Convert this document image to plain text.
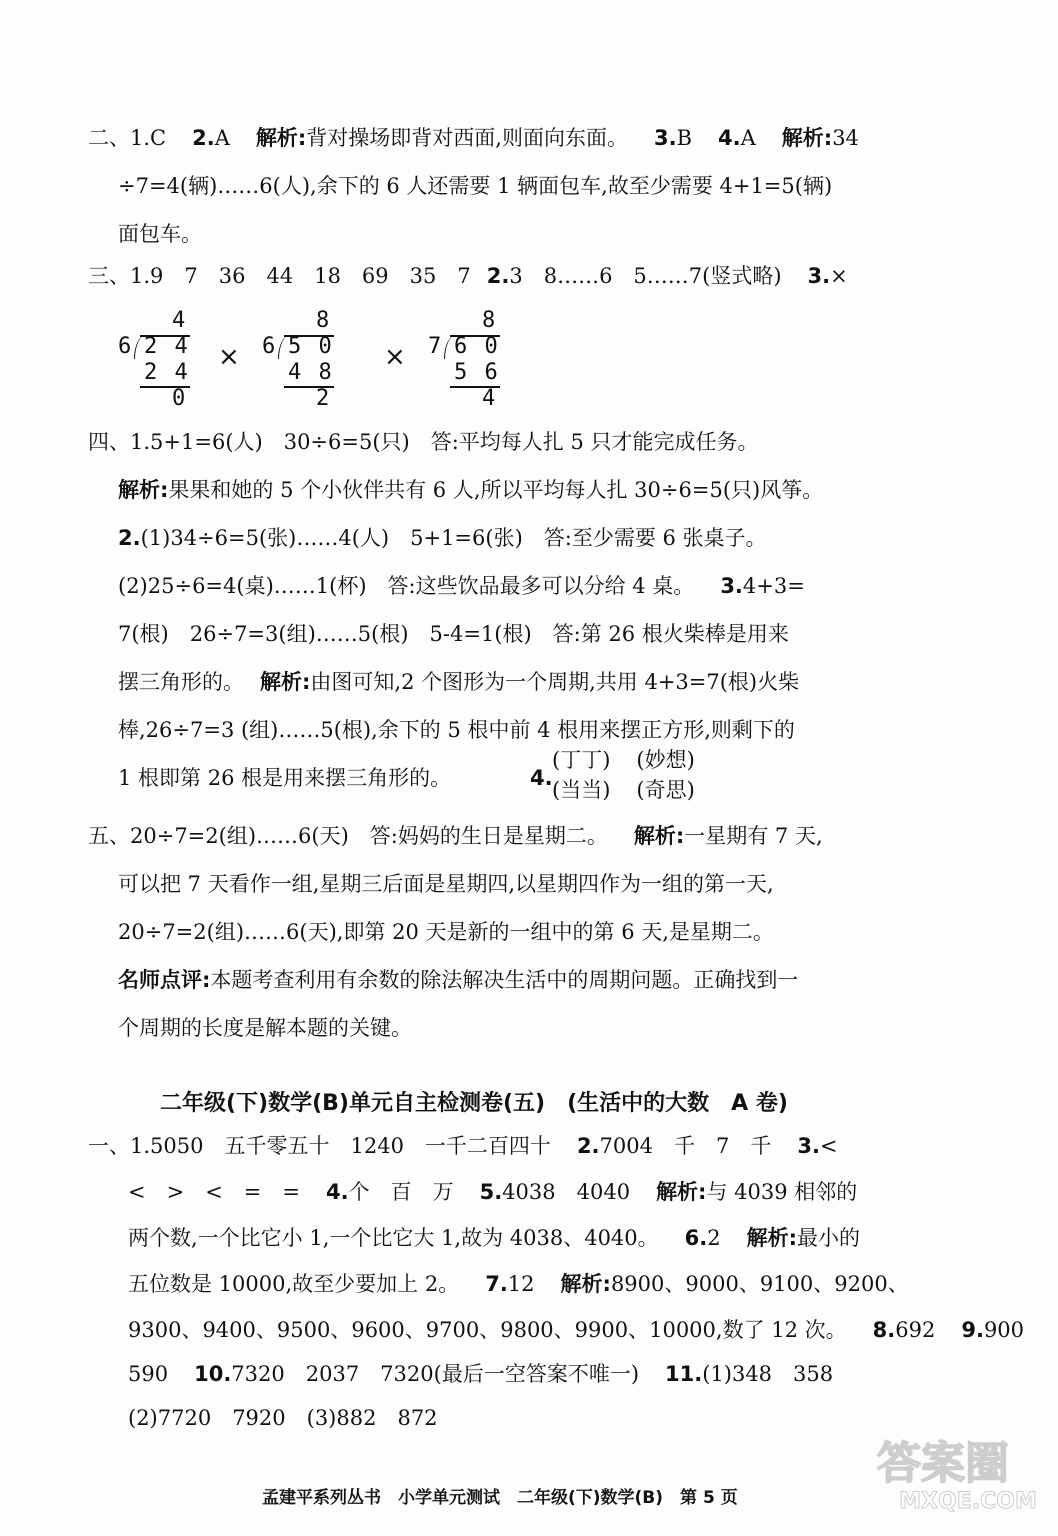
二、1.C 2.A 解析:背对操场即背对西面,则面向东面。 3.B 4.A 解析:34
÷7=4(辆)……6(人),余下的 6 人还需要 1 辆面包车,故至少需要 4+1=5(辆)
面包车。
三、1.9　7　36　44　18　69　35　7 2.3　8……6　5……7(竖式略) 3.×
4
6 2 4
2 4
0
×
8
6 5 0
4 8
2
×
8
7 6 0
5 6
4
四、1.5+1=6(人)　30÷6=5(只)　答:平均每人扎 5 只才能完成任务。
解析:果果和她的 5 个小伙伴共有 6 人,所以平均每人扎 30÷6=5(只)风筝。
2.(1)34÷6=5(张)……4(人)　5+1=6(张)　答:至少需要 6 张桌子。
(2)25÷6=4(桌)……1(杯)　答:这些饮品最多可以分给 4 桌。 3.4+3=
7(根)　26÷7=3(组)……5(根)　5-4=1(根)　答:第 26 根火柴棒是用来
摆三角形的。 解析:由图可知,2 个图形为一个周期,共用 4+3=7(根)火柴
棒,26÷7=3 (组)……5(根),余下的 5 根中前 4 根用来摆正方形,则剩下的
1 根即第 26 根是用来摆三角形的。	4.
(丁丁) (妙想)
(当当) (奇思)
五、20÷7=2(组)……6(天)　答:妈妈的生日是星期二。 解析:一星期有 7 天,
可以把 7 天看作一组,星期三后面是星期四,以星期四作为一组的第一天,
20÷7=2(组)……6(天),即第 20 天是新的一组中的第 6 天,是星期二。
名师点评:本题考查利用有余数的除法解决生活中的周期问题。正确找到一
个周期的长度是解本题的关键。
二年级(下)数学(B)单元自主检测卷(五)　(生活中的大数　A 卷)
一、1.5050　五千零五十　1240　一千二百四十 2.7004　千　7　千 3.<
<　>　<　=　= 4.个　百　万 5.4038　4040 解析:与 4039 相邻的
两个数,一个比它小 1,一个比它大 1,故为 4038、4040。 6.2 解析:最小的
五位数是 10000,故至少要加上 2。 7.12 解析:8900、9000、9100、9200、
9300、9400、9500、9600、9700、9800、9900、10000,数了 12 次。 8.692 9.900
590 10.7320　2037　7320(最后一空答案不唯一) 11.(1)348　358
(2)7720　7920　(3)882　872
孟建平系列丛书　小学单元测试　二年级(下)数学(B)　第 5 页
答案圈
MXQE.COM
